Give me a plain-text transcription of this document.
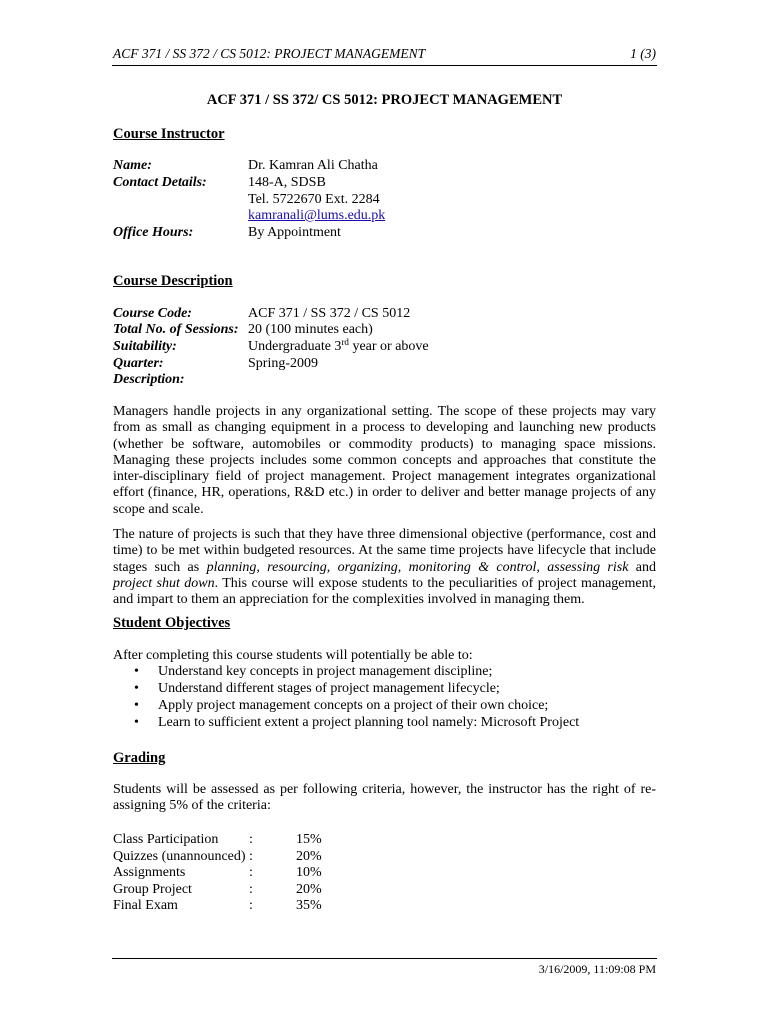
ACF 371 / SS 372 / CS 5012: PROJECT MANAGEMENT	1 (3)
ACF 371 / SS 372/ CS 5012: PROJECT MANAGEMENT
Course Instructor
Name:	Dr. Kamran Ali Chatha
Contact Details:	148-A, SDSB
Tel. 5722670 Ext. 2284
kamranali@lums.edu.pk
Office Hours:	By Appointment
Course Description
Course Code:	ACF 371 / SS 372 / CS 5012
Total No. of Sessions: 20 (100 minutes each)
Suitability:	Undergraduate 3rd year or above
Quarter:	Spring-2009
Description:
Managers handle projects in any organizational setting. The scope of these projects may vary from as small as changing equipment in a process to developing and launching new products (whether be software, automobiles or commodity products) to managing space missions. Managing these projects includes some common concepts and approaches that constitute the inter-disciplinary field of project management. Project management integrates organizational effort (finance, HR, operations, R&D etc.) in order to deliver and better manage projects of any scope and scale.
The nature of projects is such that they have three dimensional objective (performance, cost and time) to be met within budgeted resources. At the same time projects have lifecycle that include stages such as planning, resourcing, organizing, monitoring & control, assessing risk and project shut down. This course will expose students to the peculiarities of project management, and impart to them an appreciation for the complexities involved in managing them.
Student Objectives
After completing this course students will potentially be able to:
• Understand key concepts in project management discipline;
• Understand different stages of project management lifecycle;
• Apply project management concepts on a project of their own choice;
• Learn to sufficient extent a project planning tool namely: Microsoft Project
Grading
Students will be assessed as per following criteria, however, the instructor has the right of re-assigning 5% of the criteria:
Class Participation :	15%
Quizzes (unannounced) :	20%
Assignments	:	10%
Group Project	:	20%
Final Exam	:	35%
3/16/2009, 11:09:08 PM
